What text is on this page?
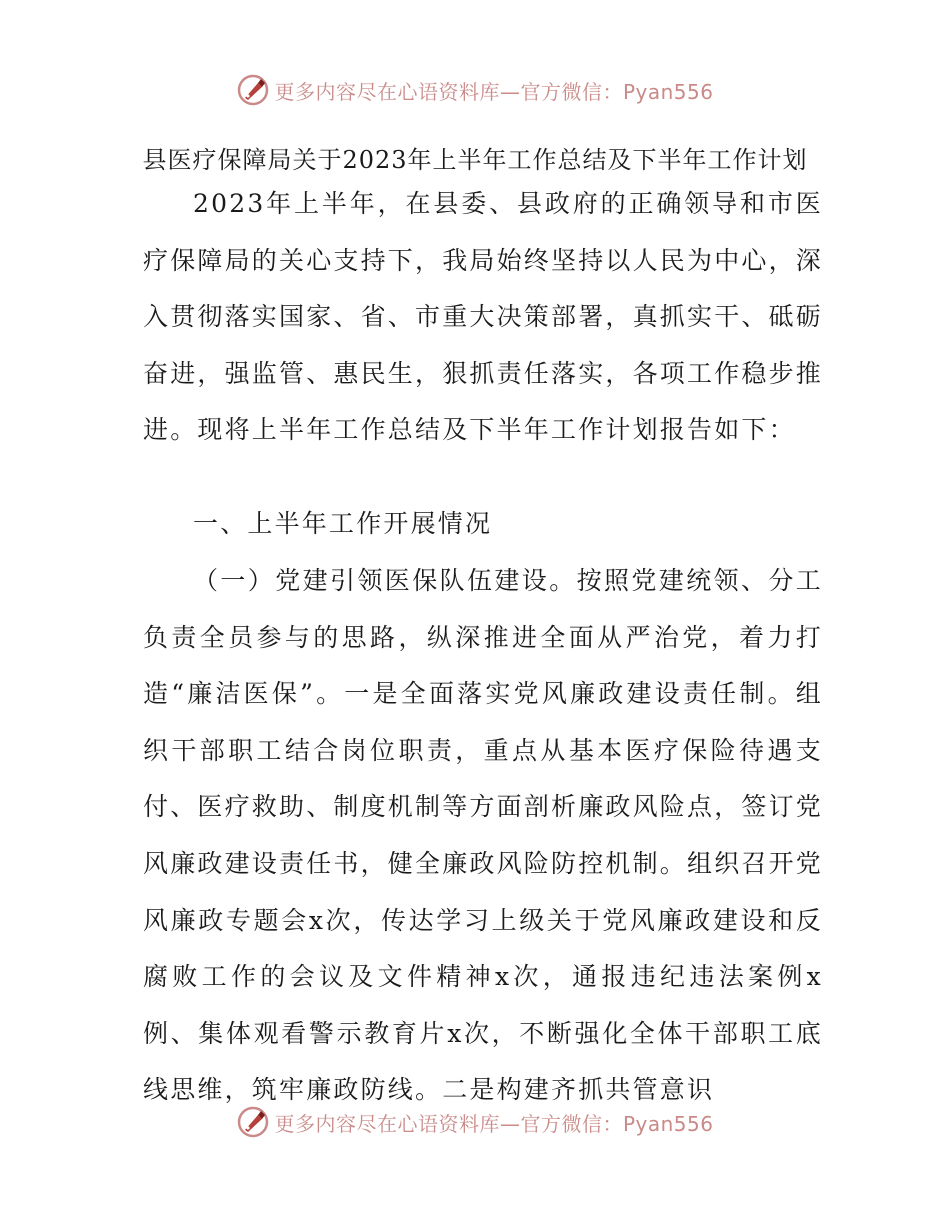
更多内容尽在心语资料库—官方微信：Pyan556
县医疗保障局关于2023年上半年工作总结及下半年工作计划

2023年上半年，在县委、县政府的正确领导和市医疗保障局的关心支持下，我局始终坚持以人民为中心，深入贯彻落实国家、省、市重大决策部署，真抓实干、砥砺奋进，强监管、惠民生，狠抓责任落实，各项工作稳步推进。现将上半年工作总结及下半年工作计划报告如下：

一、上半年工作开展情况

（一）党建引领医保队伍建设。按照党建统领、分工负责全员参与的思路，纵深推进全面从严治党，着力打造“廉洁医保”。一是全面落实党风廉政建设责任制。组织干部职工结合岗位职责，重点从基本医疗保险待遇支付、医疗救助、制度机制等方面剖析廉政风险点，签订党风廉政建设责任书，健全廉政风险防控机制。组织召开党风廉政专题会x次，传达学习上级关于党风廉政建设和反腐败工作的会议及文件精神x次，通报违纪违法案例x例、集体观看警示教育片x次，不断强化全体干部职工底线思维，筑牢廉政防线。二是构建齐抓共管意识

更多内容尽在心语资料库—官方微信：Pyan556
